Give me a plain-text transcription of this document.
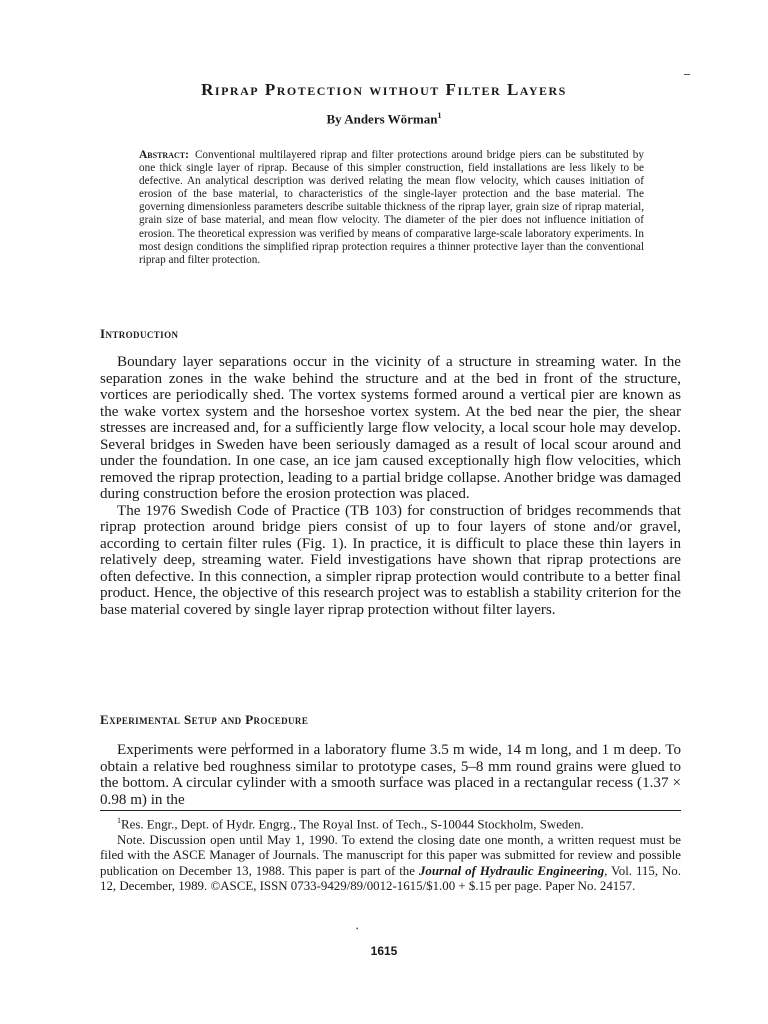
Riprap Protection without Filter Layers
By Anders Wörman$^1$
Abstract: Conventional multilayered riprap and filter protections around bridge piers can be substituted by one thick single layer of riprap. Because of this simpler construction, field installations are less likely to be defective. An analytical description was derived relating the mean flow velocity, which causes initiation of erosion of the base material, to characteristics of the single-layer protection and the base material. The governing dimensionless parameters describe suitable thickness of the riprap layer, grain size of riprap material, grain size of base material, and mean flow velocity. The diameter of the pier does not influence initiation of erosion. The theoretical expression was verified by means of comparative large-scale laboratory experiments. In most design conditions the simplified riprap protection requires a thinner protective layer than the conventional riprap and filter protection.
Introduction

Boundary layer separations occur in the vicinity of a structure in streaming water. In the separation zones in the wake behind the structure and at the bed in front of the structure, vortices are periodically shed. The vortex systems formed around a vertical pier are known as the wake vortex system and the horseshoe vortex system. At the bed near the pier, the shear stresses are increased and, for a sufficiently large flow velocity, a local scour hole may develop. Several bridges in Sweden have been seriously damaged as a result of local scour around and under the foundation. In one case, an ice jam caused exceptionally high flow velocities, which removed the riprap protection, leading to a partial bridge collapse. Another bridge was damaged during construction before the erosion protection was placed.

The 1976 Swedish Code of Practice (TB 103) for construction of bridges recommends that riprap protection around bridge piers consist of up to four layers of stone and/or gravel, according to certain filter rules (Fig. 1). In practice, it is difficult to place these thin layers in relatively deep, streaming water. Field investigations have shown that riprap protections are often defective. In this connection, a simpler riprap protection would contribute to a better final product. Hence, the objective of this research project was to establish a stability criterion for the base material covered by single layer riprap protection without filter layers.

Experimental Setup and Procedure

Experiments were performed in a laboratory flume 3.5 m wide, 14 m long, and 1 m deep. To obtain a relative bed roughness similar to prototype cases, 5–8 mm round grains were glued to the bottom. A circular cylinder with a smooth surface was placed in a rectangular recess (1.37 × 0.98 m) in the

$^1$Res. Engr., Dept. of Hydr. Engrg., The Royal Inst. of Tech., S-10044 Stockholm, Sweden.

Note. Discussion open until May 1, 1990. To extend the closing date one month, a written request must be filed with the ASCE Manager of Journals. The manuscript for this paper was submitted for review and possible publication on December 13, 1988. This paper is part of the Journal of Hydraulic Engineering, Vol. 115, No. 12, December, 1989. ©ASCE, ISSN 0733-9429/89/0012-1615/$1.00 + $.15 per page. Paper No. 24157.

•
1615
